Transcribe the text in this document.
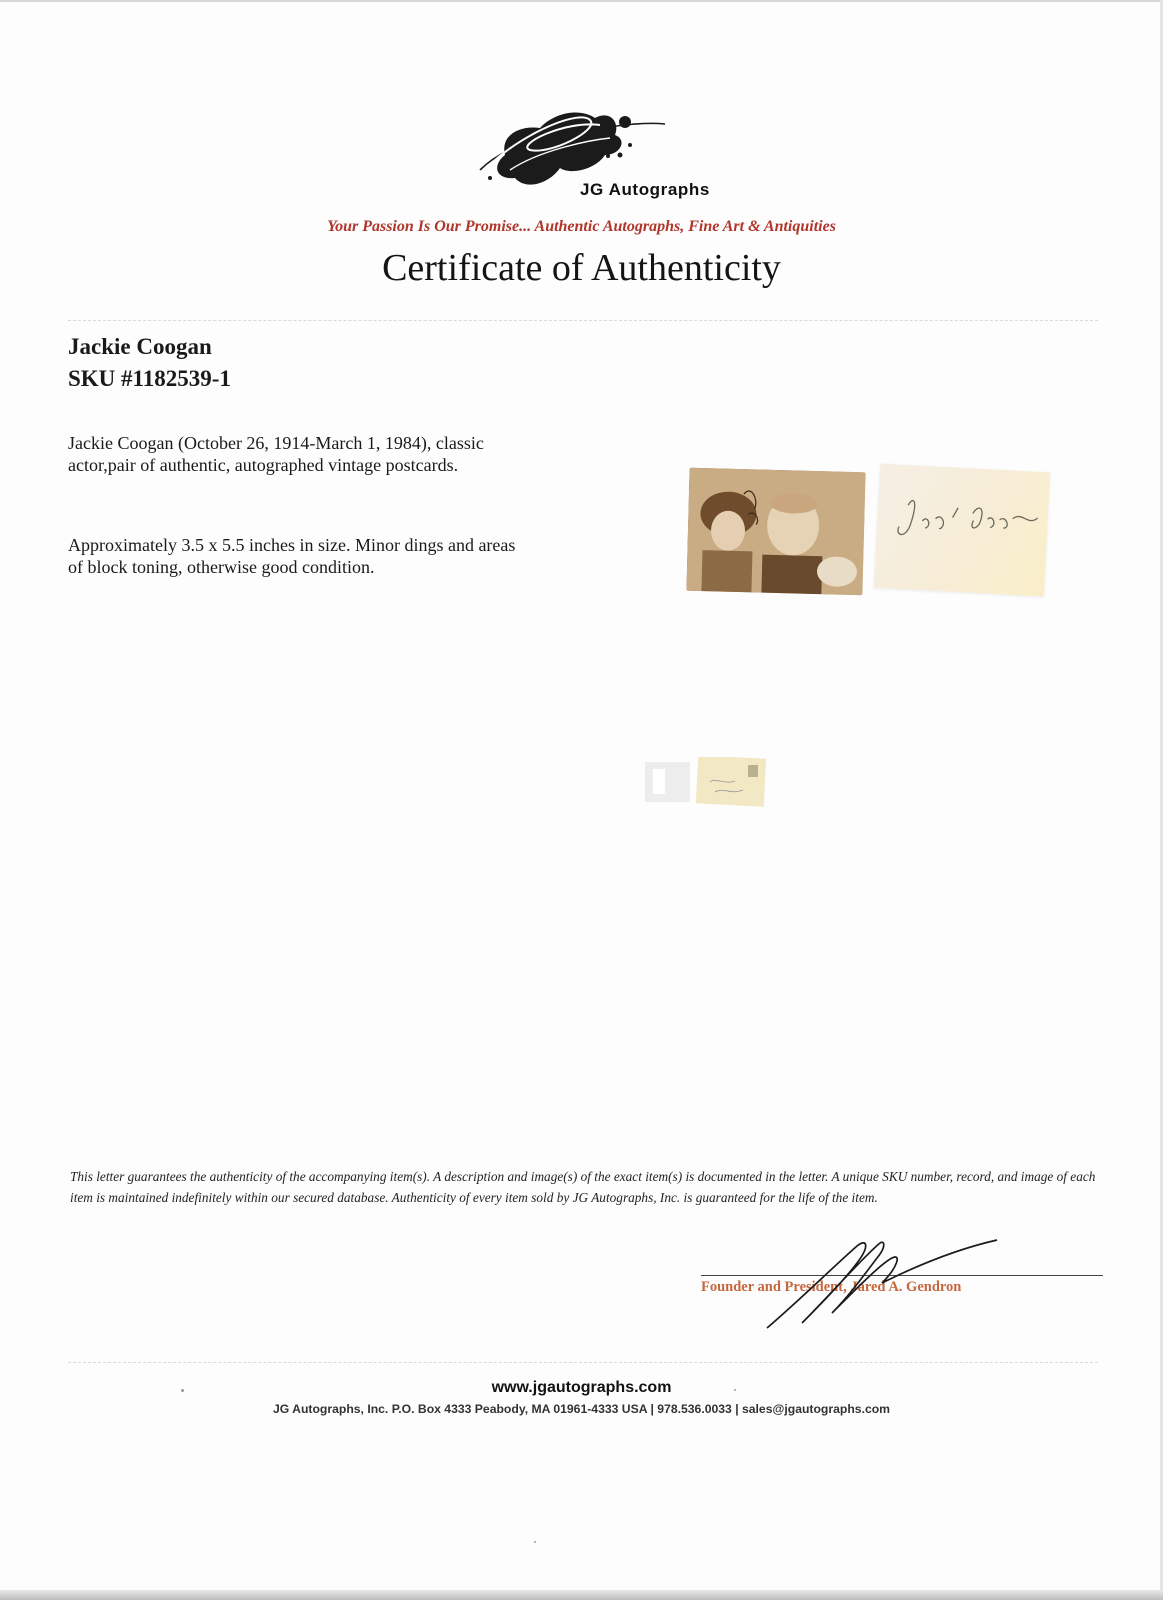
JG Autographs
Your Passion Is Our Promise... Authentic Autographs, Fine Art & Antiquities
Certificate of Authenticity
Jackie Coogan
SKU #1182539-1

Jackie Coogan (October 26, 1914-March 1, 1984), classic actor,pair of authentic, autographed vintage postcards.

Approximately 3.5 x 5.5 inches in size. Minor dings and areas of block toning, otherwise good condition.

This letter guarantees the authenticity of the accompanying item(s). A description and image(s) of the exact item(s) is documented in the letter. A unique SKU number, record, and image of each item is maintained indefinitely within our secured database. Authenticity of every item sold by JG Autographs, Inc. is guaranteed for the life of the item.

Founder and President, Jared A. Gendron
www.jgautographs.com
JG Autographs, Inc. P.O. Box 4333 Peabody, MA 01961-4333 USA | 978.536.0033 | sales@jgautographs.com
